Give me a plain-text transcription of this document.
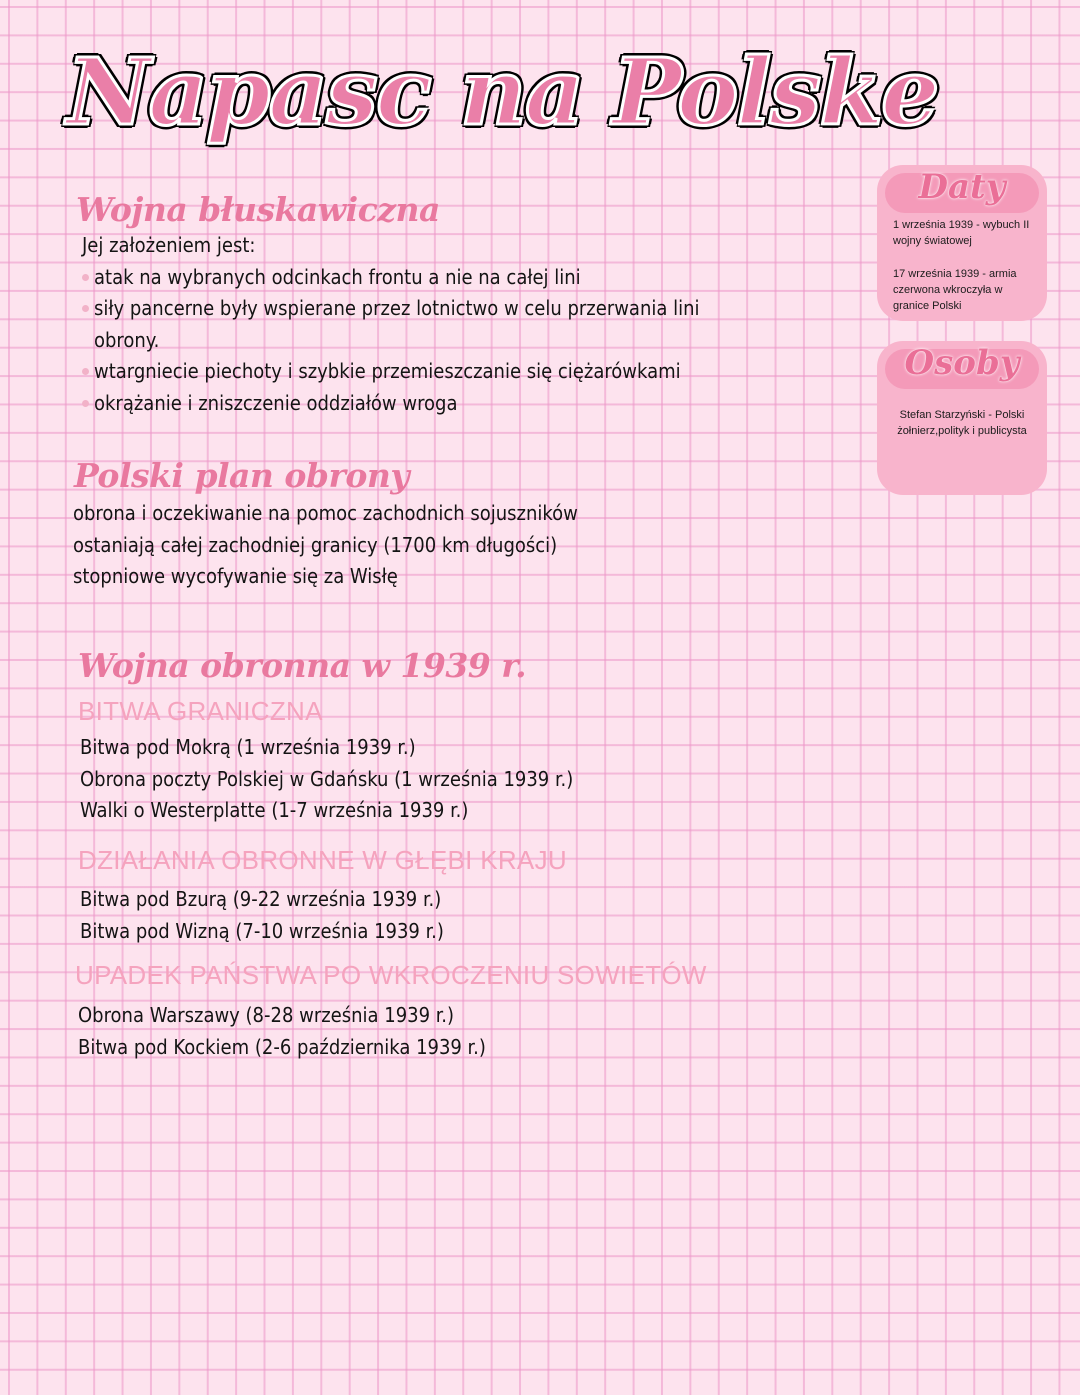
Napasc na Polske
Wojna błuskawiczna
Jej założeniem jest:
atak na wybranych odcinkach frontu a nie na całej lini
siły pancerne były wspierane przez lotnictwo w celu przerwania lini
obrony.
wtargniecie piechoty i szybkie przemieszczanie się ciężarówkami
okrążanie i zniszczenie oddziałów wroga
Polski plan obrony
obrona i oczekiwanie na pomoc zachodnich sojuszników
ostaniają całej zachodniej granicy (1700 km długości)
stopniowe wycofywanie się za Wisłę
Wojna obronna w 1939 r.
BITWA GRANICZNA
Bitwa pod Mokrą (1 września 1939 r.)
Obrona poczty Polskiej w Gdańsku (1 września 1939 r.)
Walki o Westerplatte (1-7 września 1939 r.)
DZIAŁANIA OBRONNE W GŁĘBI KRAJU
Bitwa pod Bzurą (9-22 września 1939 r.)
Bitwa pod Wizną (7-10 września 1939 r.)
UPADEK PAŃSTWA PO WKROCZENIU SOWIETÓW
Obrona Warszawy (8-28 września 1939 r.)
Bitwa pod Kockiem (2-6 października 1939 r.)
Daty
1 września 1939 - wybuch II wojny światowej
17 września 1939 - armia czerwona wkroczyła w granice Polski
Osoby
Stefan Starzyński - Polski żołnierz,polityk i publicysta
